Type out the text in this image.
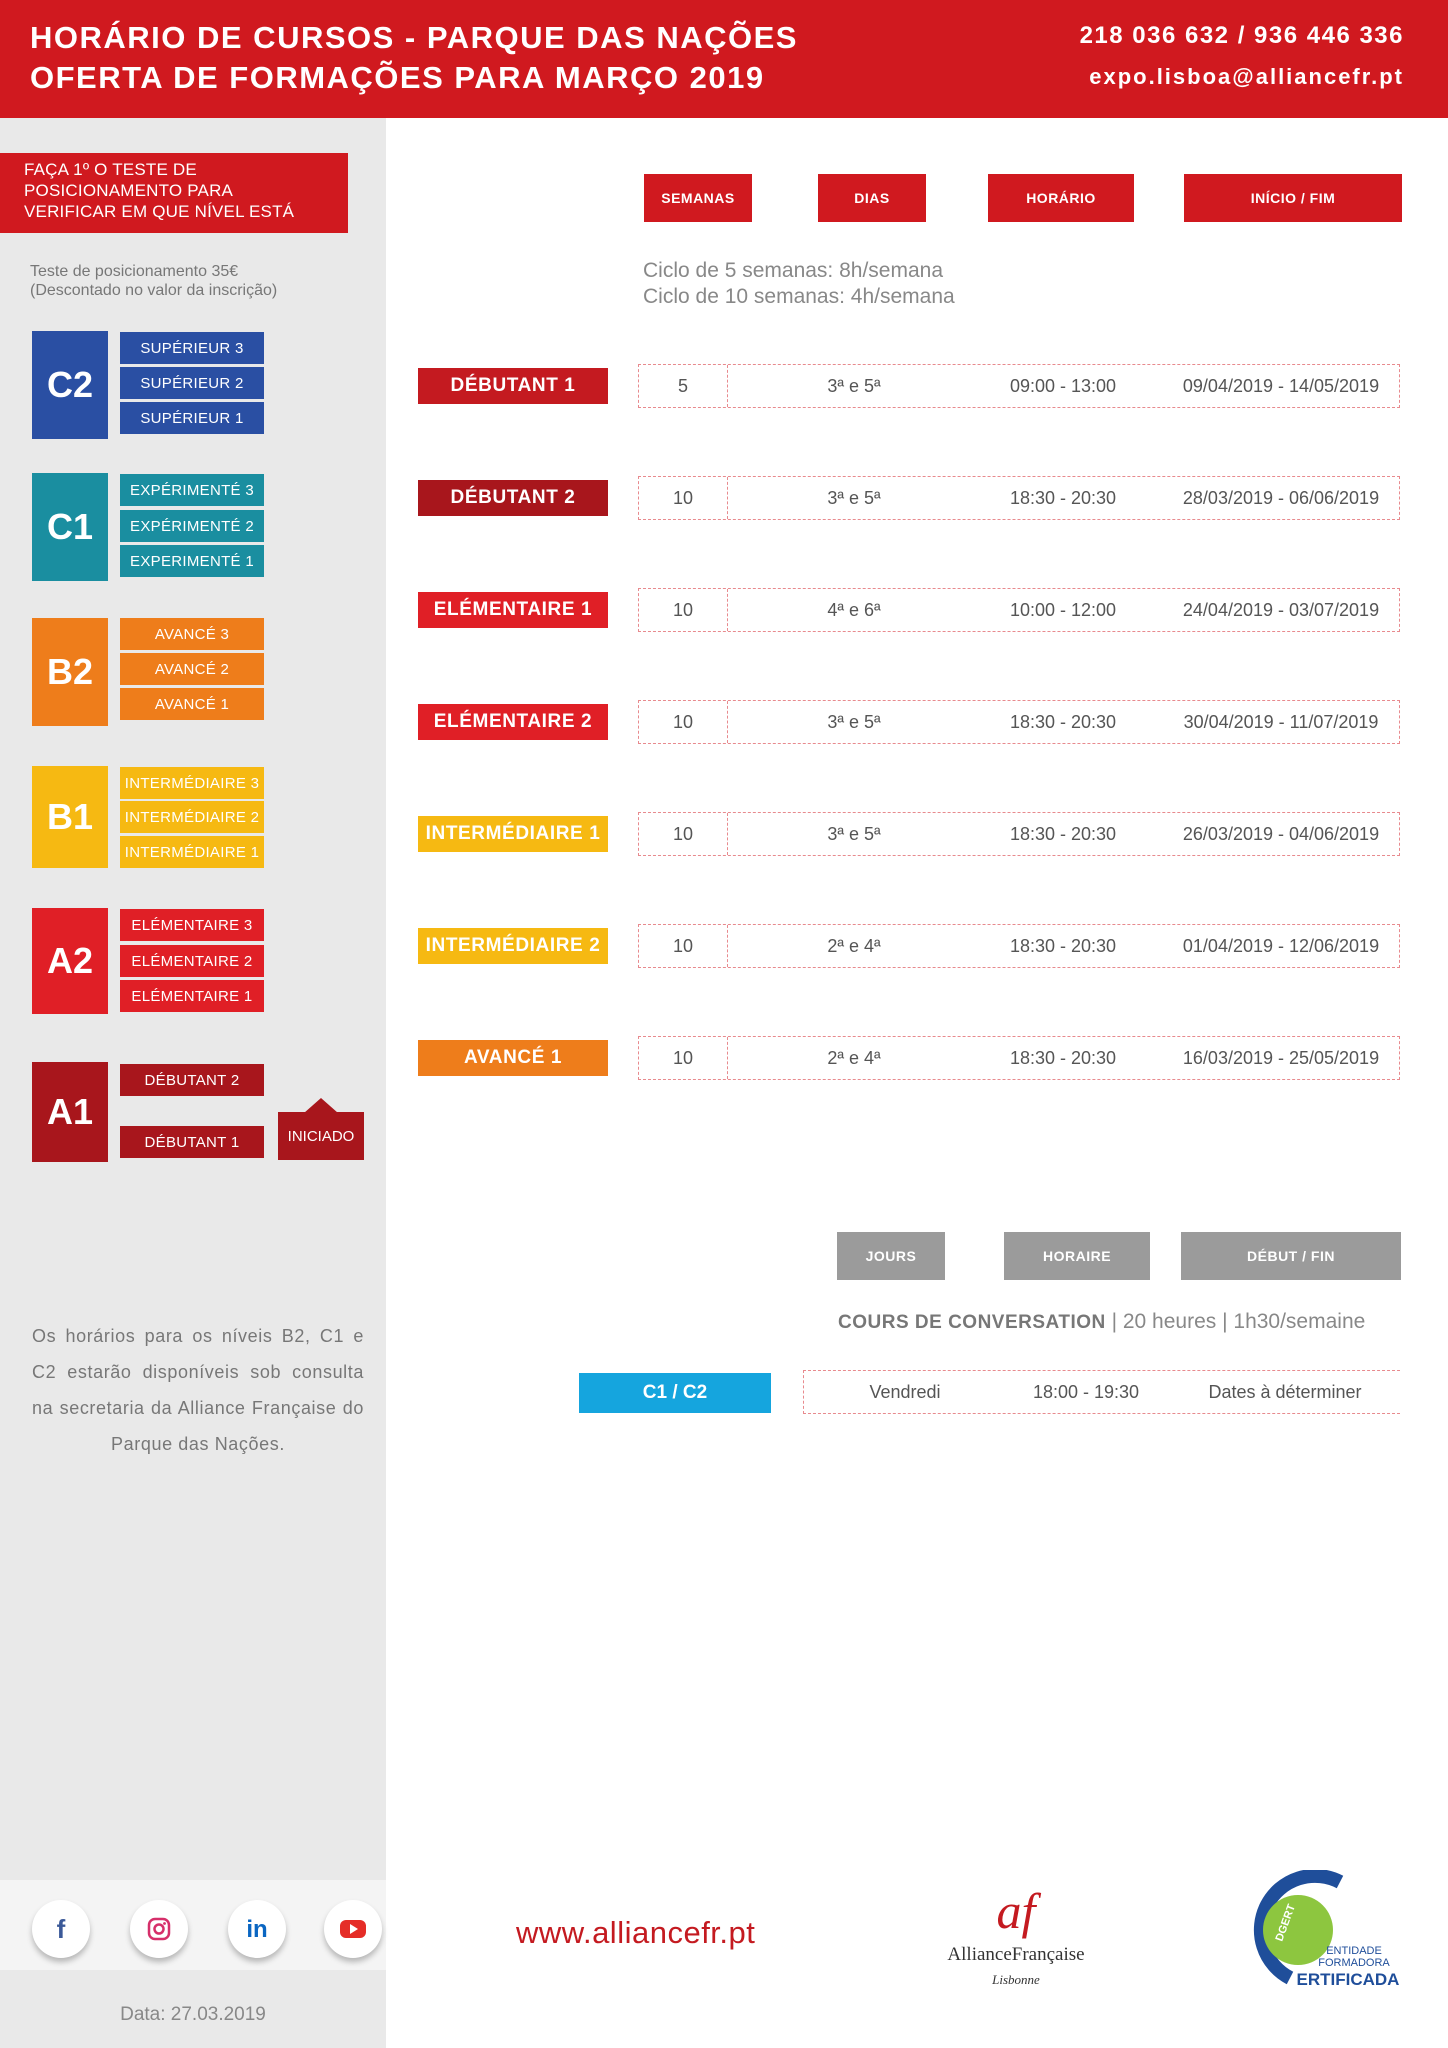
HORÁRIO DE CURSOS - PARQUE DAS NAÇÕES
OFERTA DE FORMAÇÕES PARA MARÇO 2019
218 036 632 / 936 446 336
expo.lisboa@alliancefr.pt
FAÇA 1º O TESTE DE
POSICIONAMENTO PARA
VERIFICAR EM QUE NÍVEL ESTÁ
Teste de posicionamento 35€
(Descontado no valor da inscrição)
C2
SUPÉRIEUR 3
SUPÉRIEUR 2
SUPÉRIEUR 1
C1
EXPÉRIMENTÉ 3
EXPÉRIMENTÉ 2
EXPERIMENTÉ 1
B2
AVANCÉ 3
AVANCÉ 2
AVANCÉ 1
B1
INTERMÉDIAIRE 3
INTERMÉDIAIRE 2
INTERMÉDIAIRE 1
A2
ELÉMENTAIRE 3
ELÉMENTAIRE 2
ELÉMENTAIRE 1
A1
DÉBUTANT 2
DÉBUTANT 1	INICIADO
Os horários para os níveis B2, C1 e C2 estarão disponíveis sob consulta na secretaria da Alliance Française do Parque das Nações.
f	in
Data: 27.03.2019
SEMANAS	DIAS	HORÁRIO	INÍCIO / FIM
Ciclo de 5 semanas: 8h/semana
Ciclo de 10 semanas: 4h/semana
DÉBUTANT 1	5	3ª e 5ª	09:00 - 13:00	09/04/2019 - 14/05/2019
DÉBUTANT 2	10	3ª e 5ª	18:30 - 20:30	28/03/2019 - 06/06/2019
ELÉMENTAIRE 1	10	4ª e 6ª	10:00 - 12:00	24/04/2019 - 03/07/2019
ELÉMENTAIRE 2	10	3ª e 5ª	18:30 - 20:30	30/04/2019 - 11/07/2019
INTERMÉDIAIRE 1	10	3ª e 5ª	18:30 - 20:30	26/03/2019 - 04/06/2019
INTERMÉDIAIRE 2	10	2ª e 4ª	18:30 - 20:30	01/04/2019 - 12/06/2019
AVANCÉ 1	10	2ª e 4ª	18:30 - 20:30	16/03/2019 - 25/05/2019
JOURS	HORAIRE	DÉBUT / FIN
COURS DE CONVERSATION | 20 heures | 1h30/semaine
C1 / C2	Vendredi	18:00 - 19:30	Dates à déterminer
www.alliancefr.pt	af
AllianceFrançaise
Lisbonne
DGERT
ENTIDADE
FORMADORA
ERTIFICADA
